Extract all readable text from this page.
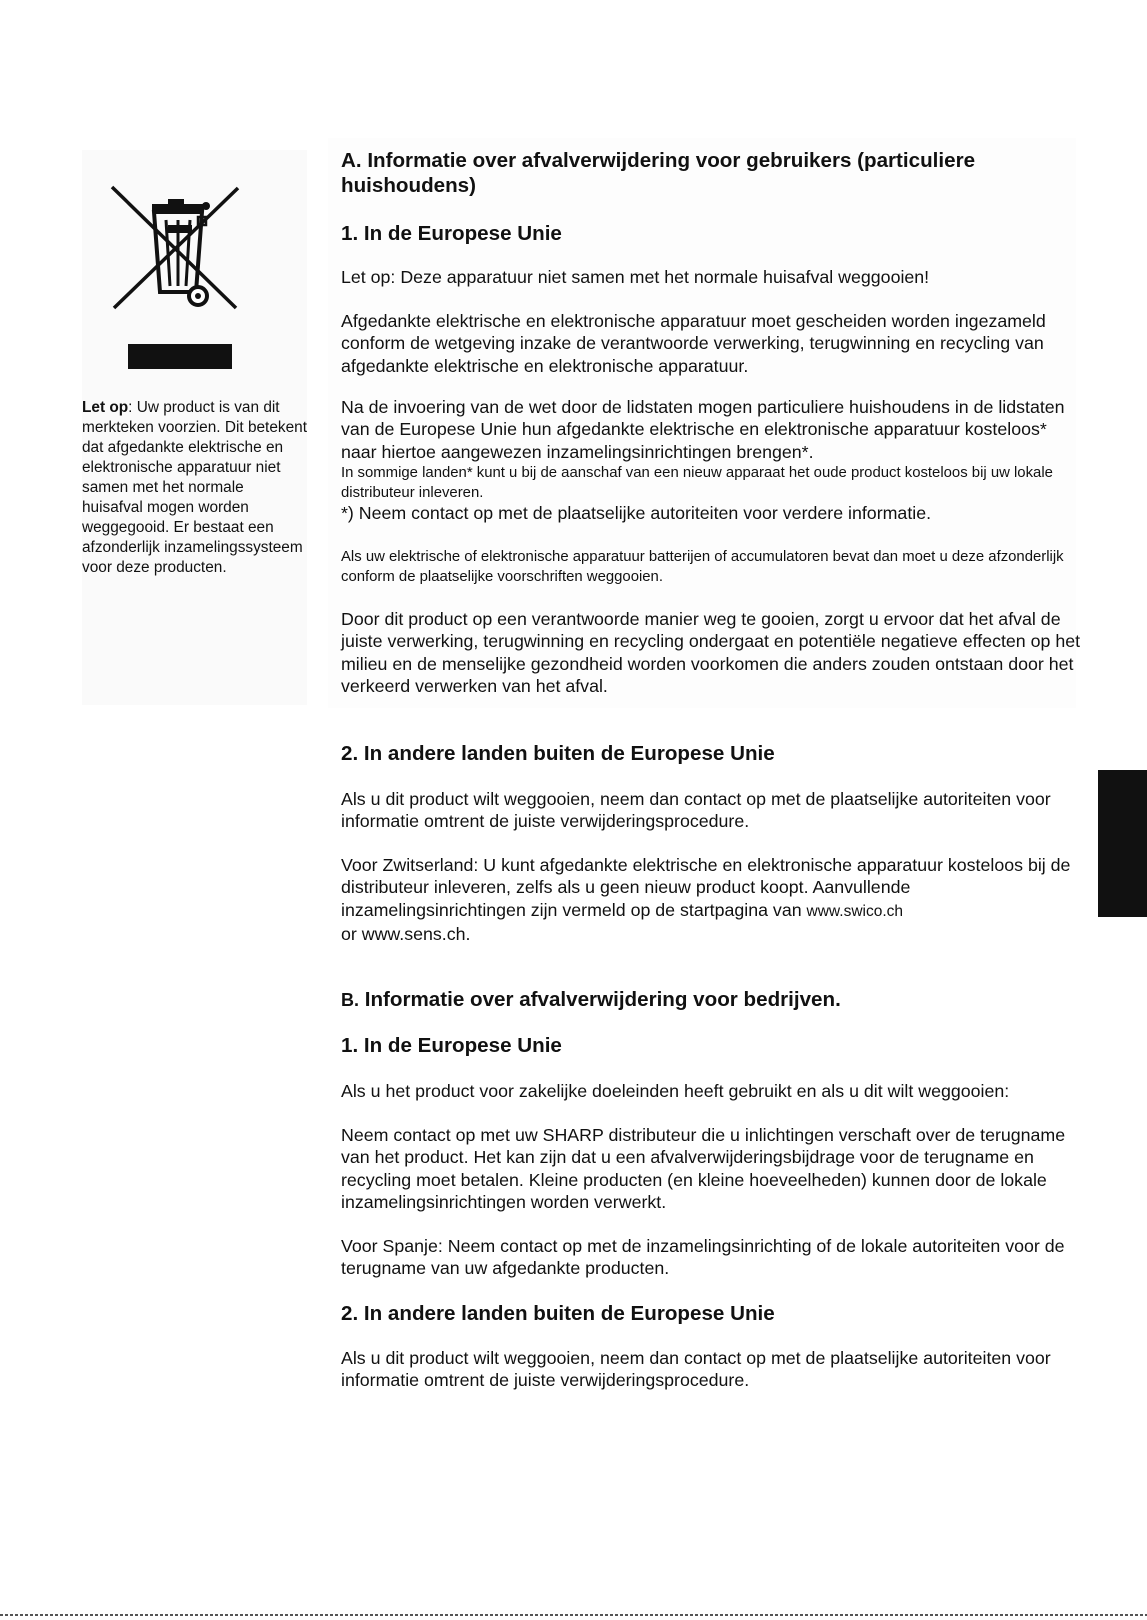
Let op: Uw product is van dit merkteken voorzien. Dit betekent dat afgedankte elektrische en elektronische apparatuur niet samen met het normale huisafval mogen worden weggegooid. Er bestaat een afzonderlijk inzamelingssysteem voor deze producten.
A. Informatie over afvalverwijdering voor gebruikers (particuliere
huishoudens)
1. In de Europese Unie
Let op: Deze apparatuur niet samen met het normale huisafval weggooien!
Afgedankte elektrische en elektronische apparatuur moet gescheiden worden ingezameld conform de wetgeving inzake de verantwoorde verwerking, terugwinning en recycling van afgedankte elektrische en elektronische apparatuur.
Na de invoering van de wet door de lidstaten mogen particuliere huishoudens in de lidstaten van de Europese Unie hun afgedankte elektrische en elektronische apparatuur kosteloos* naar hiertoe aangewezen inzamelingsinrichtingen brengen*.
In sommige landen* kunt u bij de aanschaf van een nieuw apparaat het oude product kosteloos bij uw lokale distributeur inleveren.
*) Neem contact op met de plaatselijke autoriteiten voor verdere informatie.
Als uw elektrische of elektronische apparatuur batterijen of accumulatoren bevat dan moet u deze afzonderlijk conform de plaatselijke voorschriften weggooien.
Door dit product op een verantwoorde manier weg te gooien, zorgt u ervoor dat het afval de juiste verwerking, terugwinning en recycling ondergaat en potentiële negatieve effecten op het milieu en de menselijke gezondheid worden voorkomen die anders zouden ontstaan door het verkeerd verwerken van het afval.
2. In andere landen buiten de Europese Unie
Als u dit product wilt weggooien, neem dan contact op met de plaatselijke autoriteiten voor informatie omtrent de juiste verwijderingsprocedure.
Voor Zwitserland: U kunt afgedankte elektrische en elektronische apparatuur kosteloos bij de distributeur inleveren, zelfs als u geen nieuw product koopt. Aanvullende inzamelingsinrichtingen zijn vermeld op de startpagina van www.swico.ch
or www.sens.ch.
B. Informatie over afvalverwijdering voor bedrijven.
1. In de Europese Unie
Als u het product voor zakelijke doeleinden heeft gebruikt en als u dit wilt weggooien:
Neem contact op met uw SHARP distributeur die u inlichtingen verschaft over de terugname van het product. Het kan zijn dat u een afvalverwijderingsbijdrage voor de terugname en recycling moet betalen. Kleine producten (en kleine hoeveelheden) kunnen door de lokale inzamelingsinrichtingen worden verwerkt.
Voor Spanje: Neem contact op met de inzamelingsinrichting of de lokale autoriteiten voor de terugname van uw afgedankte producten.
2. In andere landen buiten de Europese Unie
Als u dit product wilt weggooien, neem dan contact op met de plaatselijke autoriteiten voor informatie omtrent de juiste verwijderingsprocedure.
